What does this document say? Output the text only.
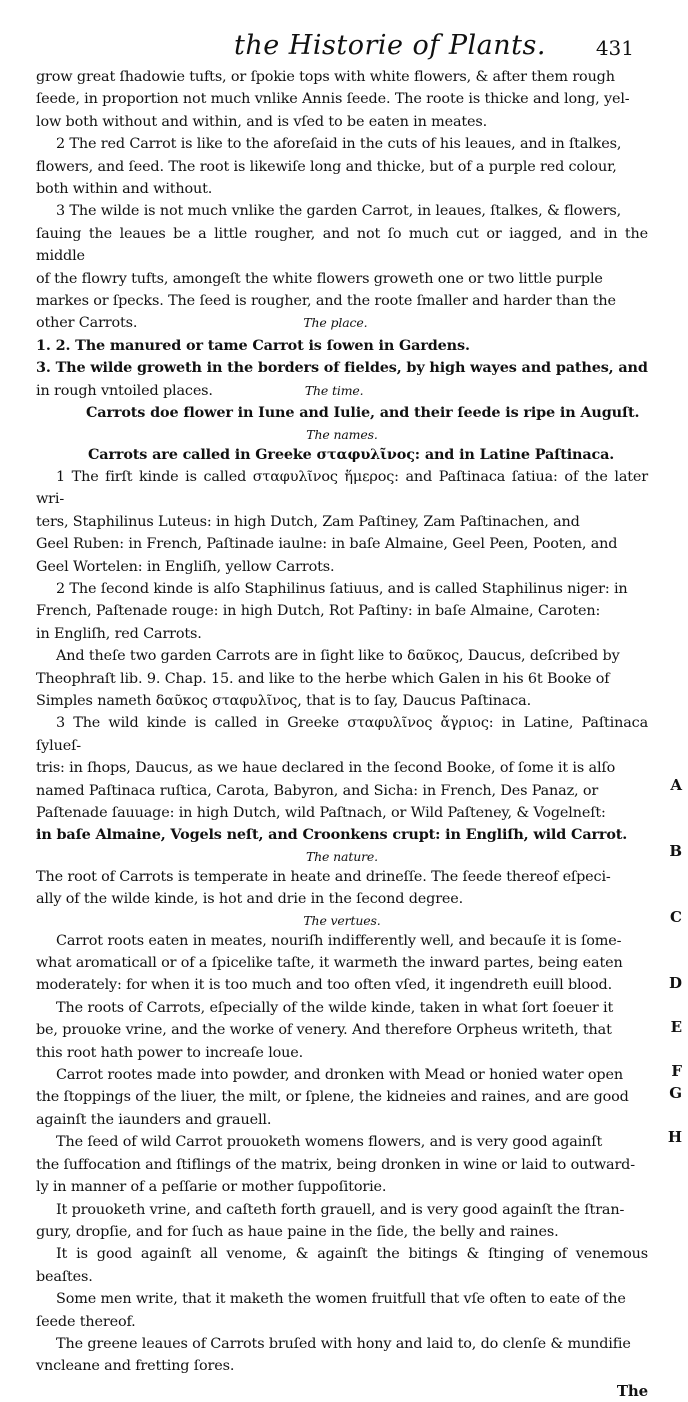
the Historie of Plants. 431

grow great ſhadowie tufts, or ſpokie tops with white flowers, & after them rough

ſeede, in proportion not much vnlike Annis ſeede. The roote is thicke and long, yel-

low both without and within, and is vſed to be eaten in meates.

2 The red Carrot is like to the aforeſaid in the cuts of his leaues, and in ſtalkes,

flowers, and ſeed. The root is likewiſe long and thicke, but of a purple red colour,

both within and without.

3 The wilde is not much vnlike the garden Carrot, in leaues, ſtalkes, & flowers,

ſauing the leaues be a little rougher, and not ſo much cut or iagged, and in the middle

of the flowry tufts, amongeſt the white flowers groweth one or two little purple

markes or ſpecks. The ſeed is rougher, and the roote ſmaller and harder than the

other Carrots.	The place.

1. 2. The manured or tame Carrot is ſowen in Gardens.

3. The wilde groweth in the borders of fieldes, by high wayes and pathes, and

in rough vntoiled places.	The time.

Carrots doe flower in Iune and Iulie, and their ſeede is ripe in Auguſt.

The names.

Carrots are called in Greeke σταφυλῖνος: and in Latine Paſtinaca.

1 The firſt kinde is called σταφυλῖνος ἥμερος: and Paſtinaca ſatiua: of the later wri-

ters, Staphilinus Luteus: in high Dutch, Zam Paſtiney, Zam Paſtinachen, and

Geel Ruben: in French, Paſtinade iaulne: in baſe Almaine, Geel Peen, Pooten, and

Geel Wortelen: in Engliſh, yellow Carrots.

2 The ſecond kinde is alſo Staphilinus ſatiuus, and is called Staphilinus niger: in

French, Paſtenade rouge: in high Dutch, Rot Paſtiny: in baſe Almaine, Caroten:

in Engliſh, red Carrots.

And theſe two garden Carrots are in ſight like to δαῦκος, Daucus, deſcribed by

Theophraſt lib. 9. Chap. 15. and like to the herbe which Galen in his 6t Booke of

Simples nameth δαῦκος σταφυλῖνος, that is to ſay, Daucus Paſtinaca.

3 The wild kinde is called in Greeke σταφυλῖνος ἄγριος: in Latine, Paſtinaca ſylueſ-

tris: in ſhops, Daucus, as we haue declared in the ſecond Booke, of ſome it is alſo

named Paſtinaca ruſtica, Carota, Babyron, and Sicha: in French, Des Panaz, or

Paſtenade ſauuage: in high Dutch, wild Paſtnach, or Wild Paſteney, & Vogelneſt:

in baſe Almaine, Vogels neſt, and Croonkens crupt: in Engliſh, wild Carrot.

The nature.

The root of Carrots is temperate in heate and drineſſe. The ſeede thereof eſpeci-

ally of the wilde kinde, is hot and drie in the ſecond degree.

The vertues.

Carrot roots eaten in meates, nouriſh indifferently well, and becauſe it is ſome-

what aromaticall or of a ſpicelike taſte, it warmeth the inward partes, being eaten

moderately: for when it is too much and too often vſed, it ingendreth euill blood.

The roots of Carrots, eſpecially of the wilde kinde, taken in what ſort ſoeuer it

be, prouoke vrine, and the worke of venery. And therefore Orpheus writeth, that

this root hath power to increaſe loue.

Carrot rootes made into powder, and dronken with Mead or honied water open

the ſtoppings of the liuer, the milt, or ſplene, the kidneies and raines, and are good

againſt the iaunders and grauell.

The ſeed of wild Carrot prouoketh womens flowers, and is very good againſt

the ſuffocation and ſtiflings of the matrix, being dronken in wine or laid to outward-

ly in manner of a peſſarie or mother ſuppoſitorie.

It prouoketh vrine, and caſteth forth grauell, and is very good againſt the ſtran-

gury, dropſie, and for ſuch as haue paine in the ſide, the belly and raines.

It is good againſt all venome, & againſt the bitings & ſtinging of venemous beaſtes.

Some men write, that it maketh the women fruitfull that vſe often to eate of the

ſeede thereof.

The greene leaues of Carrots bruſed with hony and laid to, do clenſe & mundifie

vncleane and fretting ſores.

The
A
B
C
D
E
F
G
H
